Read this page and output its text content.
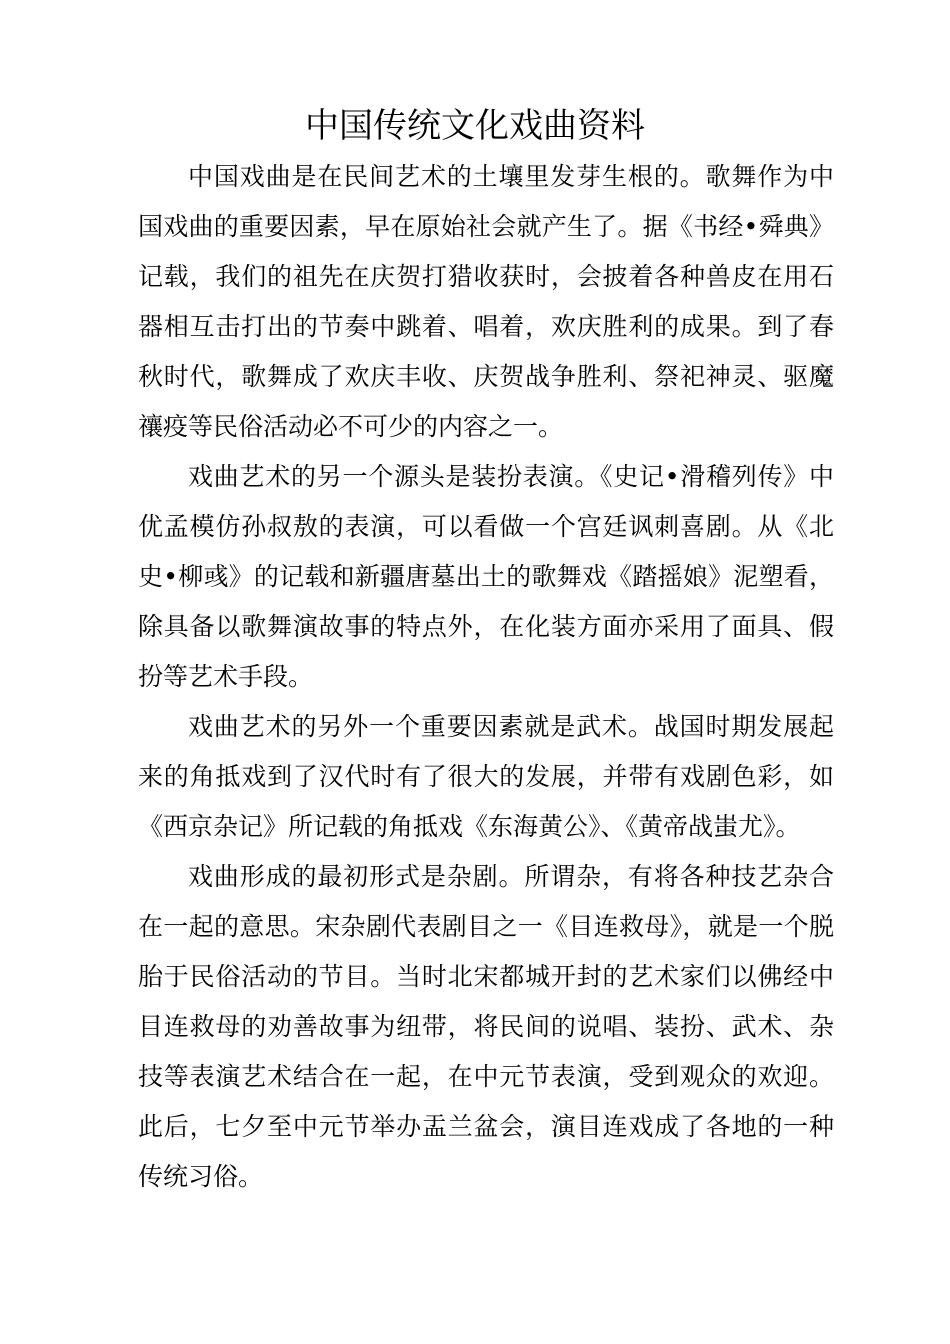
中国传统文化戏曲资料

中国戏曲是在民间艺术的土壤里发芽生根的。歌舞作为中国戏曲的重要因素，早在原始社会就产生了。据《书经•舜典》记载，我们的祖先在庆贺打猎收获时，会披着各种兽皮在用石器相互击打出的节奏中跳着、唱着，欢庆胜利的成果。到了春秋时代，歌舞成了欢庆丰收、庆贺战争胜利、祭祀神灵、驱魔禳疫等民俗活动必不可少的内容之一。

戏曲艺术的另一个源头是装扮表演。《史记•滑稽列传》中优孟模仿孙叔敖的表演，可以看做一个宫廷讽刺喜剧。从《北史•柳彧》的记载和新疆唐墓出土的歌舞戏《踏摇娘》泥塑看，除具备以歌舞演故事的特点外，在化装方面亦采用了面具、假扮等艺术手段。

戏曲艺术的另外一个重要因素就是武术。战国时期发展起来的角抵戏到了汉代时有了很大的发展，并带有戏剧色彩，如《西京杂记》所记载的角抵戏《东海黄公》、《黄帝战蚩尤》。

戏曲形成的最初形式是杂剧。所谓杂，有将各种技艺杂合在一起的意思。宋杂剧代表剧目之一《目连救母》，就是一个脱胎于民俗活动的节目。当时北宋都城开封的艺术家们以佛经中目连救母的劝善故事为纽带，将民间的说唱、装扮、武术、杂技等表演艺术结合在一起，在中元节表演，受到观众的欢迎。此后，七夕至中元节举办盂兰盆会，演目连戏成了各地的一种传统习俗。
